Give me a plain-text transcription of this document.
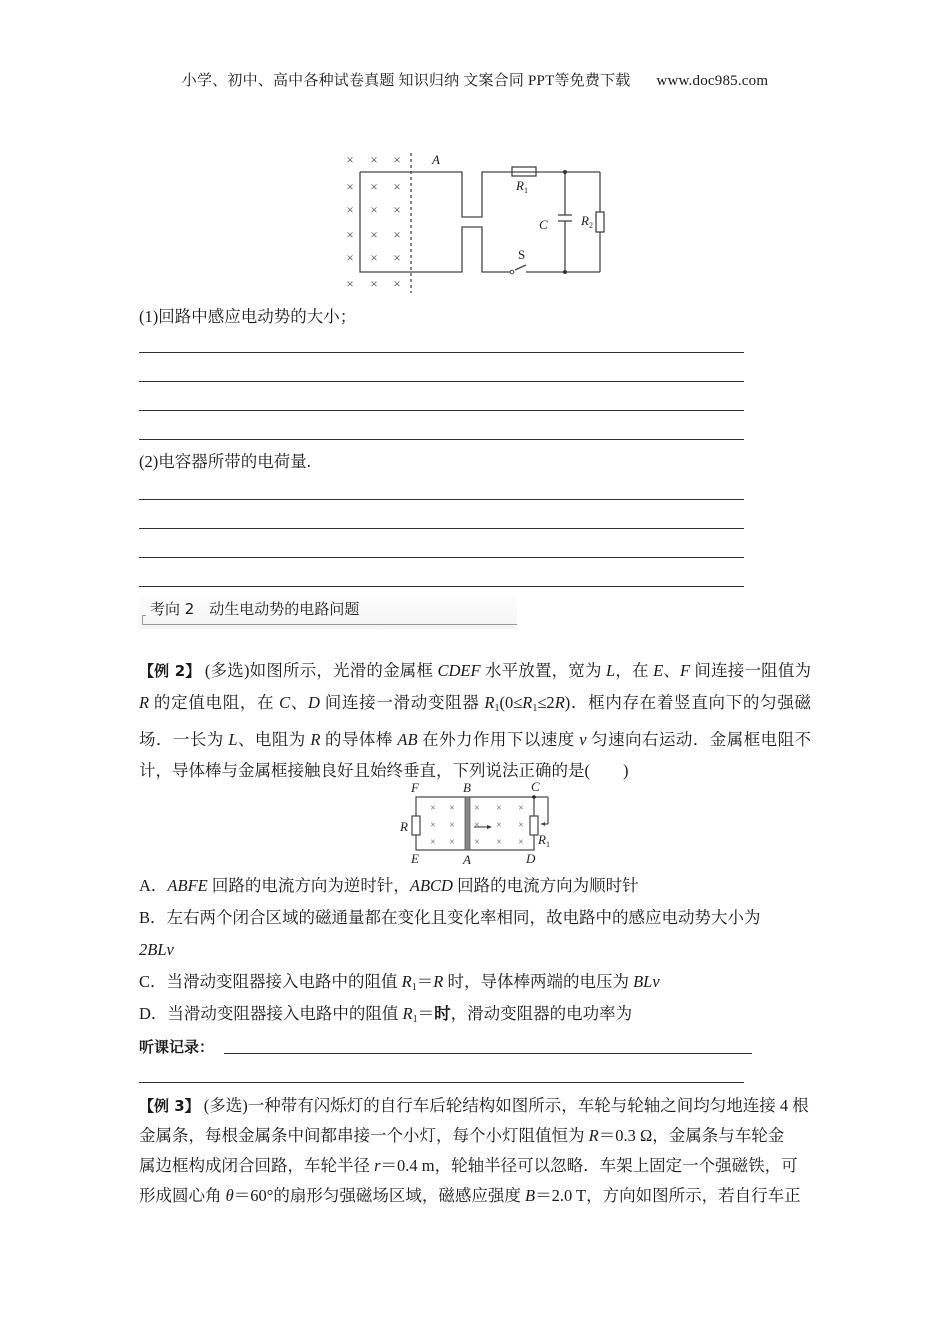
小学、初中、高中各种试卷真题 知识归纳 文案合同 PPT等免费下载 www.doc985.com
× × ×
× × ×
× × ×
× × ×
× × ×
× × ×
A
$R_1$
C	$R_2$
S
(1)回路中感应电动势的大小；
(2)电容器所带的电荷量.
考向 2　动生电动势的电路问题
【例 2】 (多选)如图所示，光滑的金属框 CDEF 水平放置，宽为 L，在 E、F 间连接一阻值为 R 的定值电阻，在 C、D 间连接一滑动变阻器 $R_1(0\le R_1\le 2R)$．框内存在着竖直向下的匀强磁场．一长为 L、电阻为 R 的导体棒 AB 在外力作用下以速度 v 匀速向右运动．金属框电阻不计，导体棒与金属框接触良好且始终垂直，下列说法正确的是(　　)
× × × × ×
× × × × ×
× × × × ×
F	B	C
R
$R_1$
E	A	D
A．ABFE 回路的电流方向为逆时针，ABCD 回路的电流方向为顺时针
B．左右两个闭合区域的磁通量都在变化且变化率相同，故电路中的感应电动势大小为
2BLv
C．当滑动变阻器接入电路中的阻值 $R_1=R$ 时，导体棒两端的电压为 BLv
D．当滑动变阻器接入电路中的阻值 $R_1=$时，滑动变阻器的电功率为
听课记录：
【例 3】 (多选)一种带有闪烁灯的自行车后轮结构如图所示，车轮与轮轴之间均匀地连接 4 根
金属条，每根金属条中间都串接一个小灯，每个小灯阻值恒为 R＝0.3 Ω，金属条与车轮金
属边框构成闭合回路，车轮半径 r＝0.4 m，轮轴半径可以忽略．车架上固定一个强磁铁，可
形成圆心角 θ＝60°的扇形匀强磁场区域，磁感应强度 B＝2.0 T，方向如图所示，若自行车正
